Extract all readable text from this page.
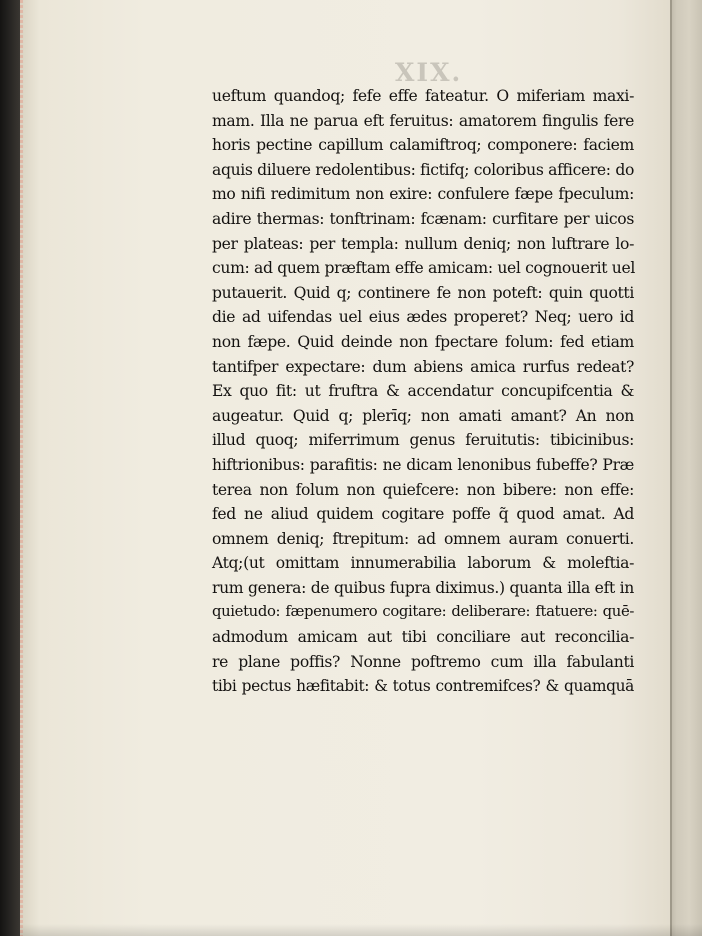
XIX.
ueftum quandoq; fefe effe fateatur. O miferiam maxi-
mam. Illa ne parua eft feruitus: amatorem fingulis fere
horis pectine capillum calamiftroq; componere: faciem
aquis diluere redolentibus: fictifq; coloribus afficere: do
mo nifi redimitum non exire: confulere fæpe fpeculum:
adire thermas: tonftrinam: fcænam: curfitare per uicos
per plateas: per templa: nullum deniq; non luftrare lo-
cum: ad quem præftam effe amicam: uel cognouerit uel
putauerit. Quid q; continere fe non poteft: quin quotti
die ad uifendas uel eius ædes properet? Neq; uero id
non fæpe. Quid deinde non fpectare folum: fed etiam
tantifper expectare: dum abiens amica rurfus redeat?
Ex quo fit: ut fruftra & accendatur concupifcentia &
augeatur. Quid q; plerīq; non amati amant? An non
illud quoq; miferrimum genus feruitutis: tibicinibus:
hiftrionibus: parafitis: ne dicam lenonibus fubeffe? Præ
terea non folum non quiefcere: non bibere: non effe:
fed ne aliud quidem cogitare poffe q̃ quod amat. Ad
omnem deniq; ftrepitum: ad omnem auram conuerti.
Atq;(ut omittam innumerabilia laborum & moleftia-
rum genera: de quibus fupra diximus.) quanta illa eft in
quietudo: fæpenumero cogitare: deliberare: ftatuere: quē-
admodum amicam aut tibi conciliare aut reconcilia-
re plane poffis? Nonne poftremo cum illa fabulanti
tibi pectus hæfitabit: & totus contremifces? & quamquā
